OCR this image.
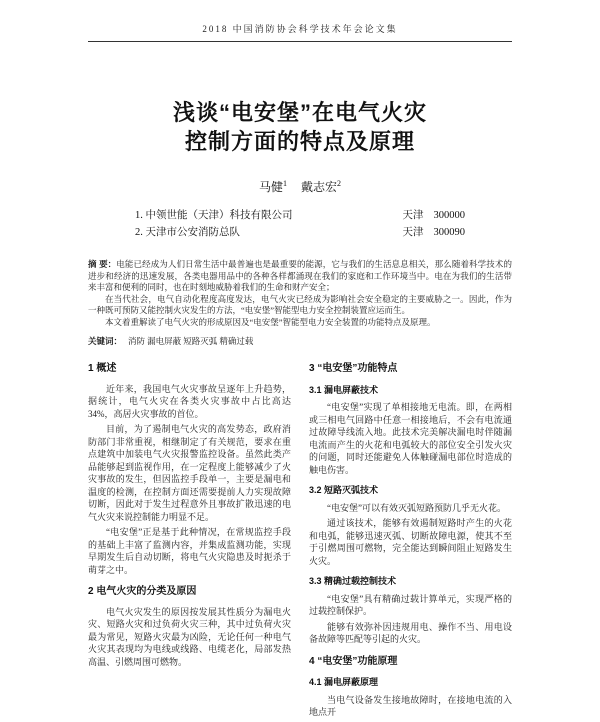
2018 中国消防协会科学技术年会论文集
浅谈“电安堡”在电气火灾
控制方面的特点及原理
马健$^1$ 戴志宏$^2$
1. 中领世能（天津）科技有限公司	天津 300000
2. 天津市公安消防总队	天津 300090

摘 要：电能已经成为人们日常生活中最普遍也是最重要的能源，它与我们的生活息息相关，那么随着科学技术的进步和经济的迅速发展，各类电器用品中的各种各样都涌现在我们的家庭和工作环境当中。电在为我们的生活带来丰富和便利的同时，也在时刻地威胁着我们的生命和财产安全；

在当代社会，电气自动化程度高度发达，电气火灾已经成为影响社会安全稳定的主要威胁之一。因此，作为一种既可预防又能控制火灾发生的方法，“电安堡”智能型电力安全控制装置应运而生。

本文着重解读了电气火灾的形成原因及“电安堡”智能型电力安全装置的功能特点及原理。

关键词： 消防 漏电屏蔽 短路灭弧 精确过载
1 概述

近年来，我国电气火灾事故呈逐年上升趋势，据统计，电气火灾在各类火灾事故中占比高达34%，高居火灾事故的首位。

目前，为了遏制电气火灾的高发势态，政府消防部门非常重视，相继制定了有关规范，要求在重点建筑中加装电气火灾报警监控设备。虽然此类产品能够起到监视作用，在一定程度上能够减少了火灾事故的发生，但因监控手段单一，主要是漏电和温度的检测，在控制方面还需要提前人力实现故障切断，因此对于发生过程意外且事故扩散迅速的电气火灾来说控制能力明显不足。

“电安堡”正是基于此种情况，在常规监控手段的基础上丰富了监测内容，并集成监测功能，实现早期发生后自动切断，将电气火灾隐患及时扼杀于萌芽之中。

2 电气火灾的分类及原因

电气火灾发生的原因按发展其性质分为漏电火灾、短路火灾和过负荷火灾三种，其中过负荷火灾最为常见，短路火灾最为凶险，无论任何一种电气火灾其表现均为电线或线路、电缆老化，局部发热高温、引燃周围可燃物。

3 “电安堡”功能特点
3.1 漏电屏蔽技术

“电安堡”实现了单相接地无电流。即，在两相或三相电气回路中任意一相接地后，不会有电流通过故障导线流入地。此技术完美解决漏电时伴随漏电流而产生的火花和电弧较大的部位安全引发火灾的问题，同时还能避免人体触碰漏电部位时造成的触电伤害。

3.2 短路灭弧技术

“电安堡”可以有效灭弧短路预防几乎无火花。

通过该技术，能够有效遏制短路时产生的火花和电弧，能够迅速灭弧、切断故障电源，使其不至于引燃周围可燃物，完全能达到瞬间阻止短路发生火灾。

3.3 精确过载控制技术

“电安堡”具有精确过载计算单元，实现严格的过载控制保护。

能够有效弥补因违规用电、操作不当、用电设备故障等匹配等引起的火灾。

4 “电安堡”功能原理
4.1 漏电屏蔽原理

当电气设备发生接地故障时，在接地电流的入地点开
